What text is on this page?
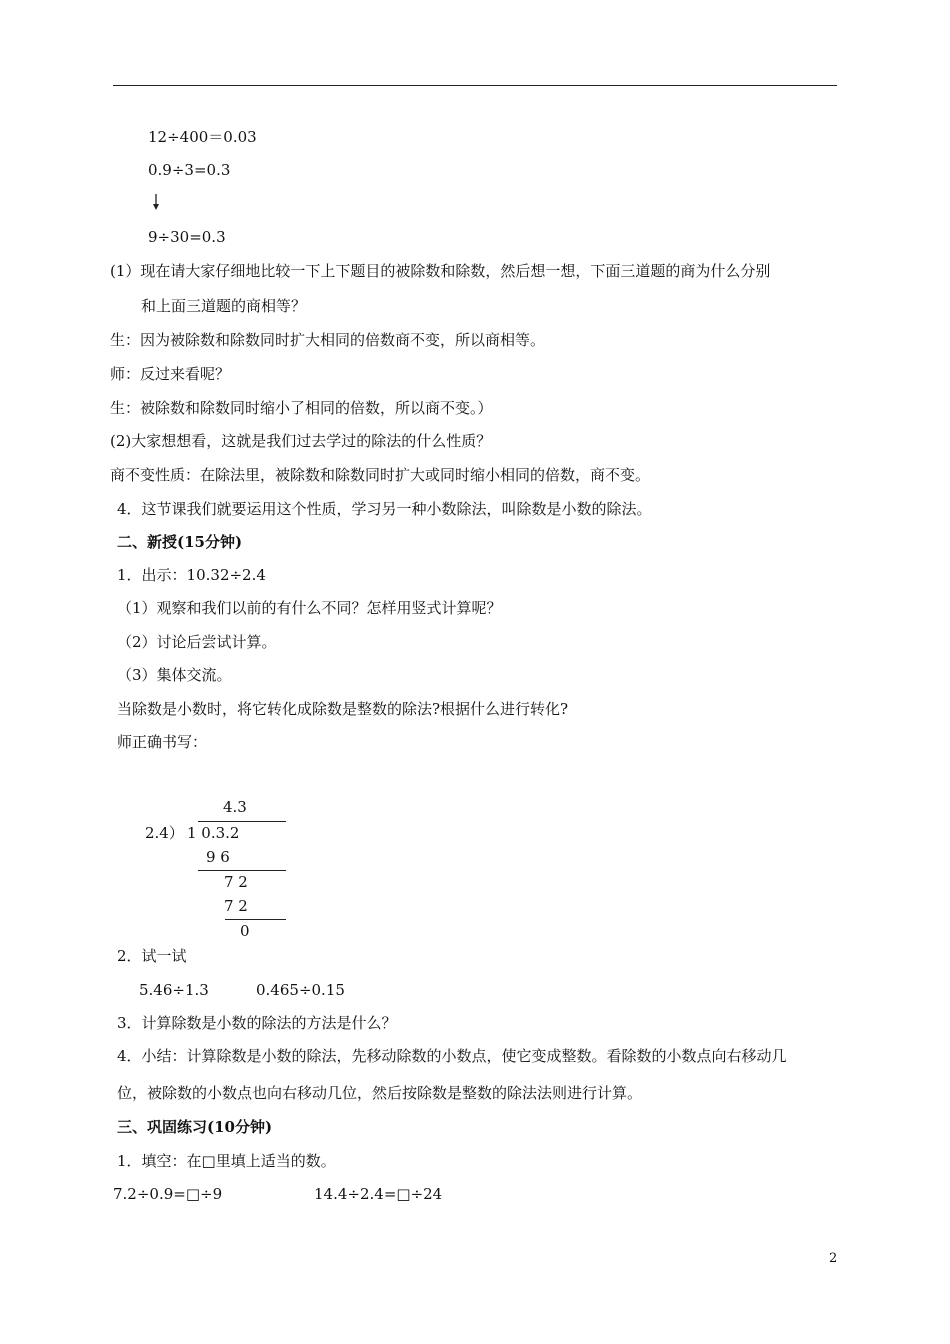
12÷400＝0.03
0.9÷3=0.3
9÷30=0.3
(1）现在请大家仔细地比较一下上下题目的被除数和除数，然后想一想，下面三道题的商为什么分别
和上面三道题的商相等？
生：因为被除数和除数同时扩大相同的倍数商不变，所以商相等。
师：反过来看呢？
生：被除数和除数同时缩小了相同的倍数，所以商不变。）
(2)大家想想看，这就是我们过去学过的除法的什么性质？
商不变性质：在除法里，被除数和除数同时扩大或同时缩小相同的倍数，商不变。
4．这节课我们就要运用这个性质，学习另一种小数除法，叫除数是小数的除法。
二、新授(15分钟)
1．出示：10.32÷2.4
（1）观察和我们以前的有什么不同？怎样用竖式计算呢？
（2）讨论后尝试计算。
（3）集体交流。
当除数是小数时，将它转化成除数是整数的除法?根据什么进行转化?
师正确书写：
4.3
2.4） 1 0.3.2
9 6
7 2
7 2
0
2．试一试
5.46÷1.3	0.465÷0.15
3．计算除数是小数的除法的方法是什么？
4．小结：计算除数是小数的除法，先移动除数的小数点，使它变成整数。看除数的小数点向右移动几
位，被除数的小数点也向右移动几位，然后按除数是整数的除法法则进行计算。
三、巩固练习(10分钟)
1．填空：在□里填上适当的数。
7.2÷0.9=□÷9	14.4÷2.4=□÷24
2
